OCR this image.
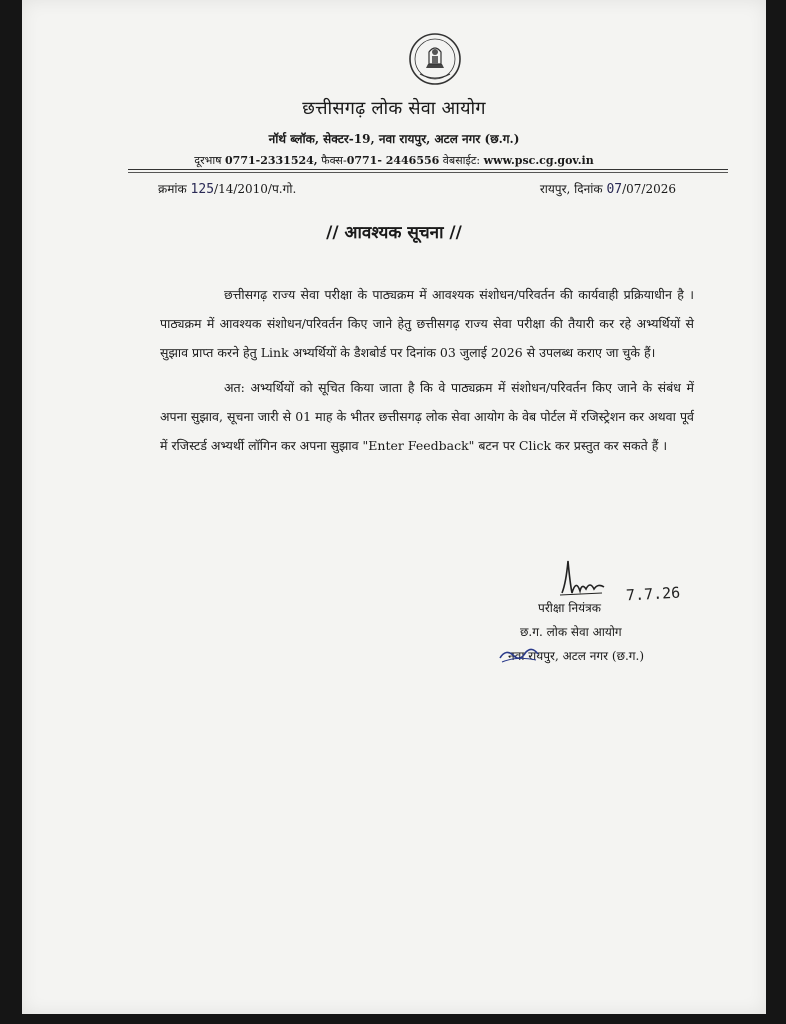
छत्तीसगढ़ लोक सेवा आयोग
नॉर्थ ब्लॉक, सेक्टर-19, नवा रायपुर, अटल नगर (छ.ग.)
दूरभाष 0771-2331524, फैक्स-0771- 2446556 वेबसाईट: www.psc.cg.gov.in
क्रमांक 125/14/2010/प.गो.	रायपुर, दिनांक 07/07/2026
// आवश्यक सूचना //

छत्तीसगढ़ राज्य सेवा परीक्षा के पाठ्यक्रम में आवश्यक संशोधन/परिवर्तन की कार्यवाही प्रक्रियाधीन है । पाठ्यक्रम में आवश्यक संशोधन/परिवर्तन किए जाने हेतु छत्तीसगढ़ राज्य सेवा परीक्षा की तैयारी कर रहे अभ्यर्थियों से सुझाव प्राप्त करने हेतु Link अभ्यर्थियों के डैशबोर्ड पर दिनांक 03 जुलाई 2026 से उपलब्ध कराए जा चुके हैं।

अत: अभ्यर्थियों को सूचित किया जाता है कि वे पाठ्यक्रम में संशोधन/परिवर्तन किए जाने के संबंध में अपना सुझाव, सूचना जारी से 01 माह के भीतर छत्तीसगढ़ लोक सेवा आयोग के वेब पोर्टल में रजिस्ट्रेशन कर अथवा पूर्व में रजिस्टर्ड अभ्यर्थी लॉगिन कर अपना सुझाव "Enter Feedback" बटन पर Click कर प्रस्तुत कर सकते हैं ।

7.7.26
परीक्षा नियंत्रक
छ.ग. लोक सेवा आयोग
नवा रायपुर, अटल नगर (छ.ग.)
